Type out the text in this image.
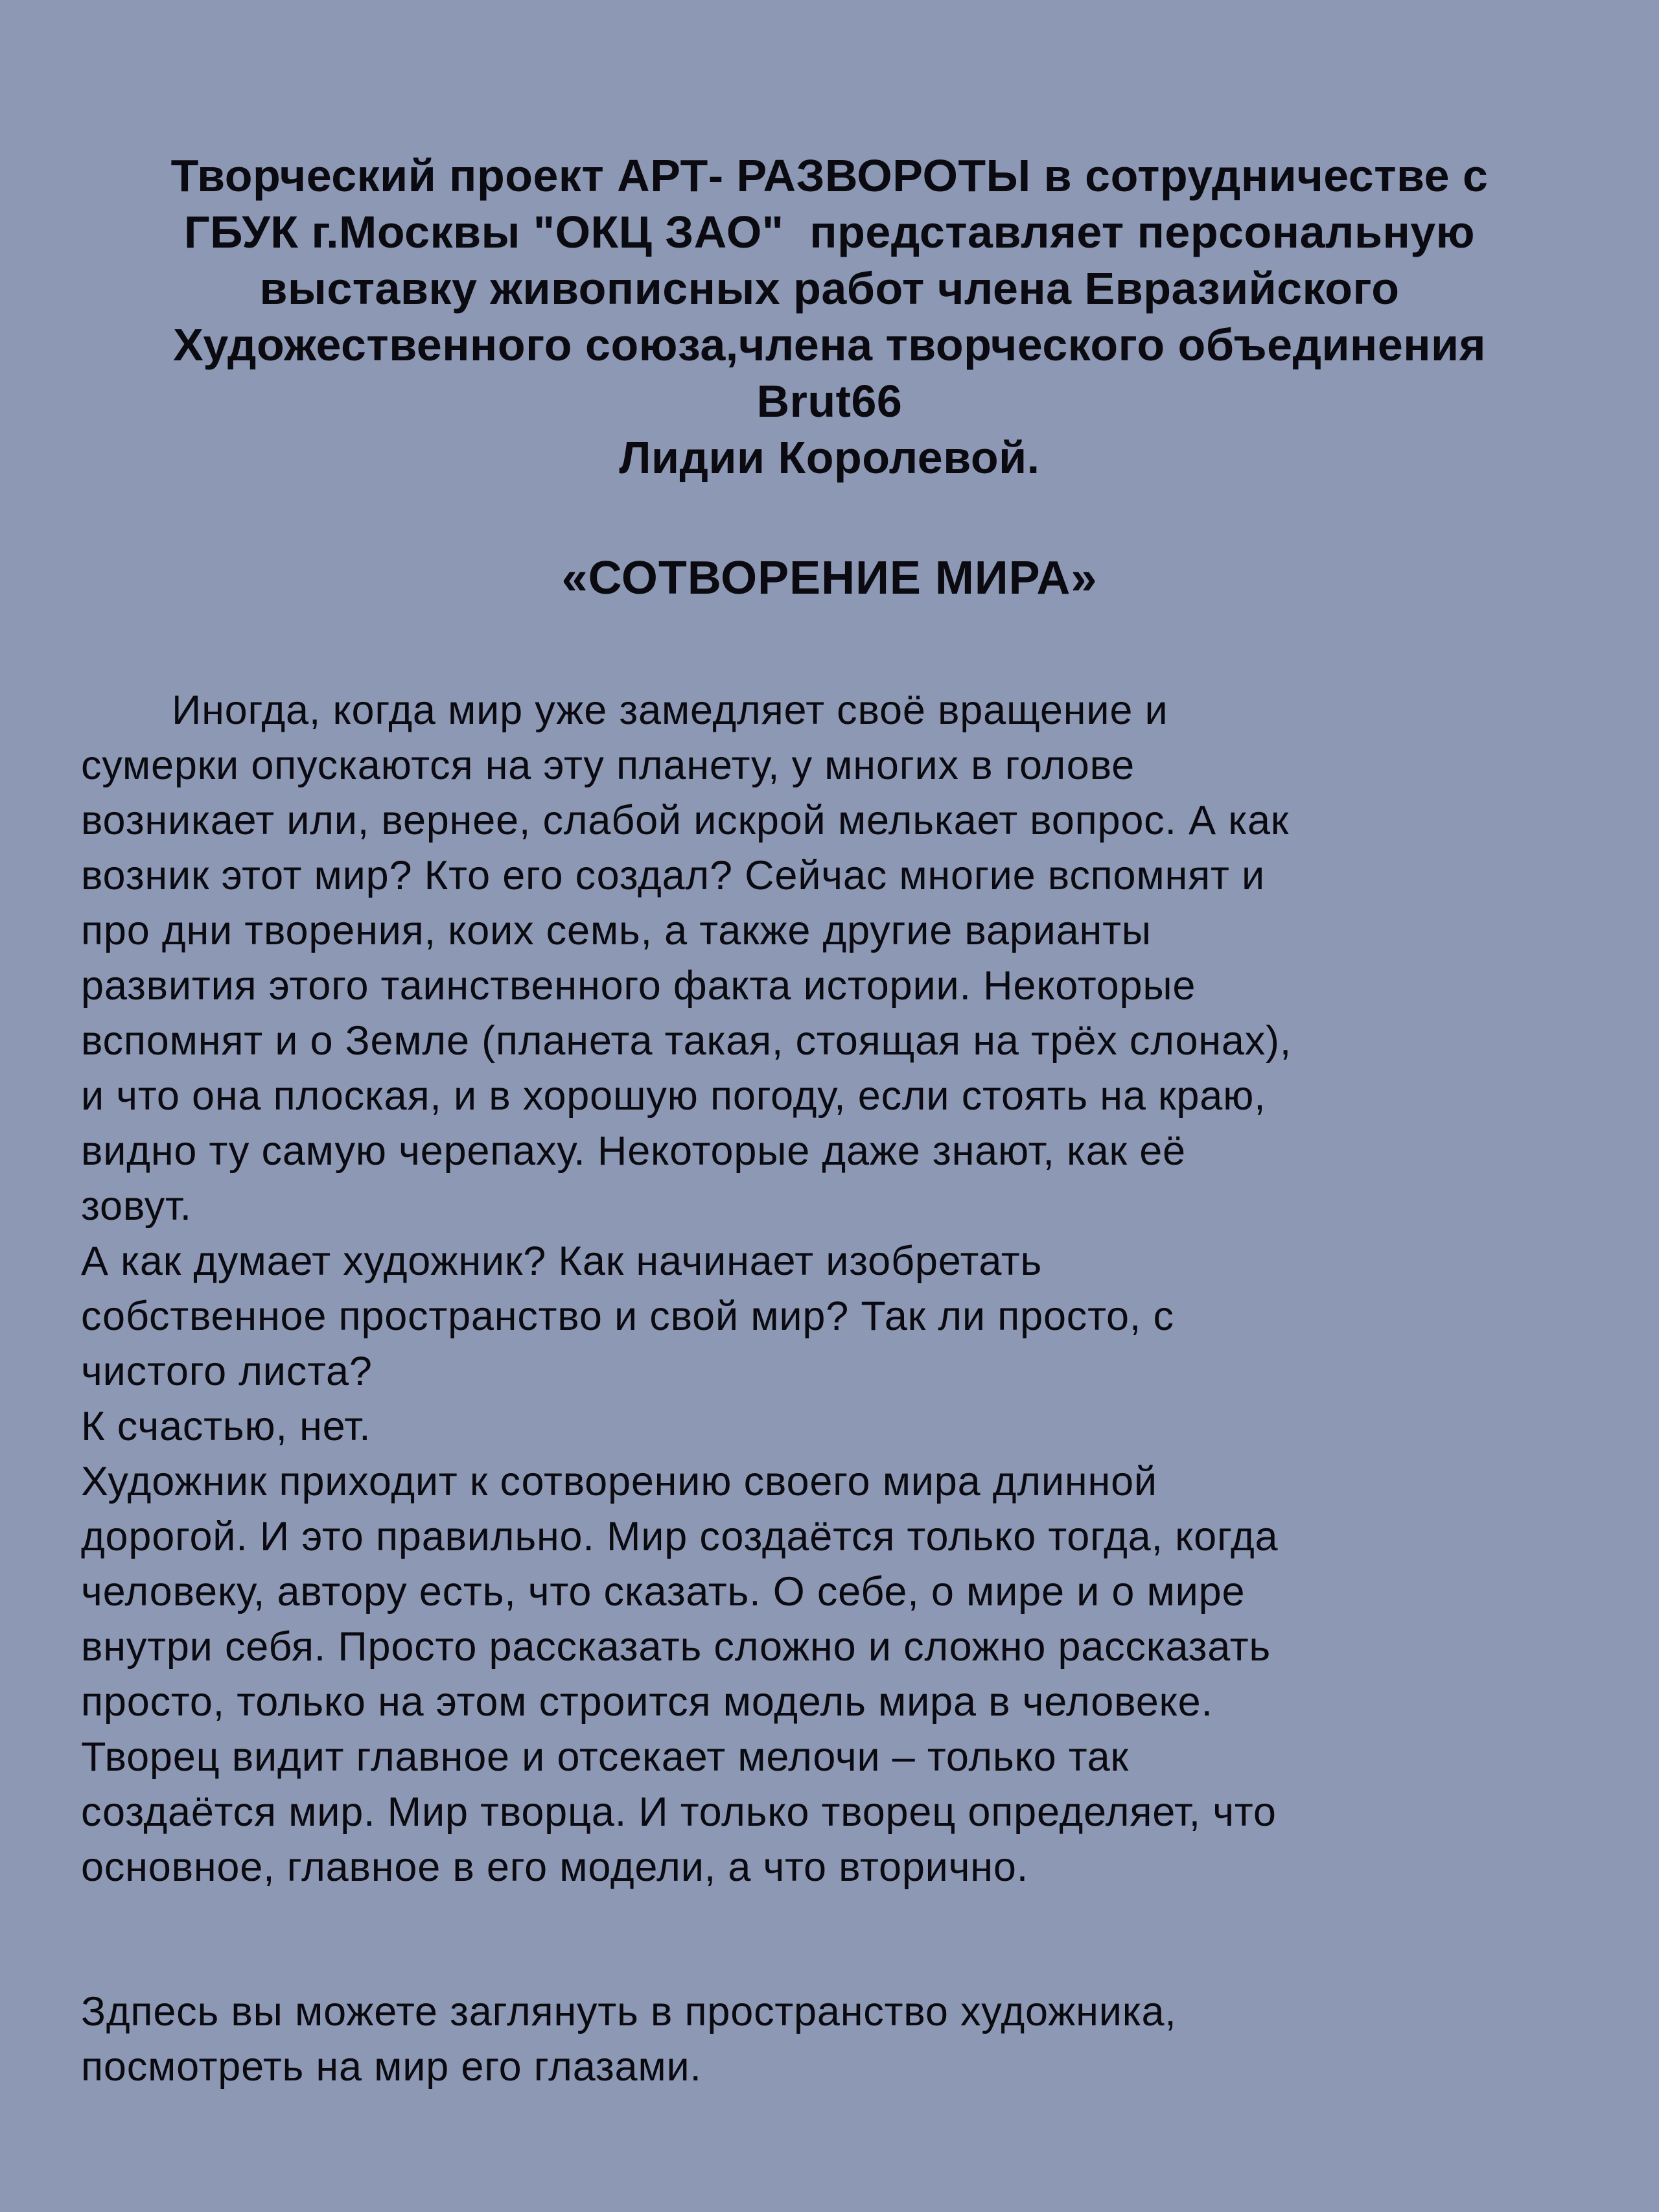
Творческий проект АРТ- РАЗВОРОТЫ в сотрудничестве с
ГБУК г.Москвы "ОКЦ ЗАО"  представляет персональную
выставку живописных работ члена Евразийского
Художественного союза,члена творческого объединения
Brut66
Лидии Королевой.
«СОТВОРЕНИЕ МИРА»
Иногда, когда мир уже замедляет своё вращение и
сумерки опускаются на эту планету, у многих в голове
возникает или, вернее, слабой искрой мелькает вопрос. А как
возник этот мир? Кто его создал? Сейчас многие вспомнят и
про дни творения, коих семь, а также другие варианты
развития этого таинственного факта истории. Некоторые
вспомнят и о Земле (планета такая, стоящая на трёх слонах),
и что она плоская, и в хорошую погоду, если стоять на краю,
видно ту самую черепаху. Некоторые даже знают, как её
зовут.
А как думает художник? Как начинает изобретать
собственное пространство и свой мир? Так ли просто, с
чистого листа?
К счастью, нет.
Художник приходит к сотворению своего мира длинной
дорогой. И это правильно. Мир создаётся только тогда, когда
человеку, автору есть, что сказать. О себе, о мире и о мире
внутри себя. Просто рассказать сложно и сложно рассказать
просто, только на этом строится модель мира в человеке.
Творец видит главное и отсекает мелочи – только так
создаётся мир. Мир творца. И только творец определяет, что
основное, главное в его модели, а что вторично.
Здпесь вы можете заглянуть в пространство художника,
посмотреть на мир его глазами.
